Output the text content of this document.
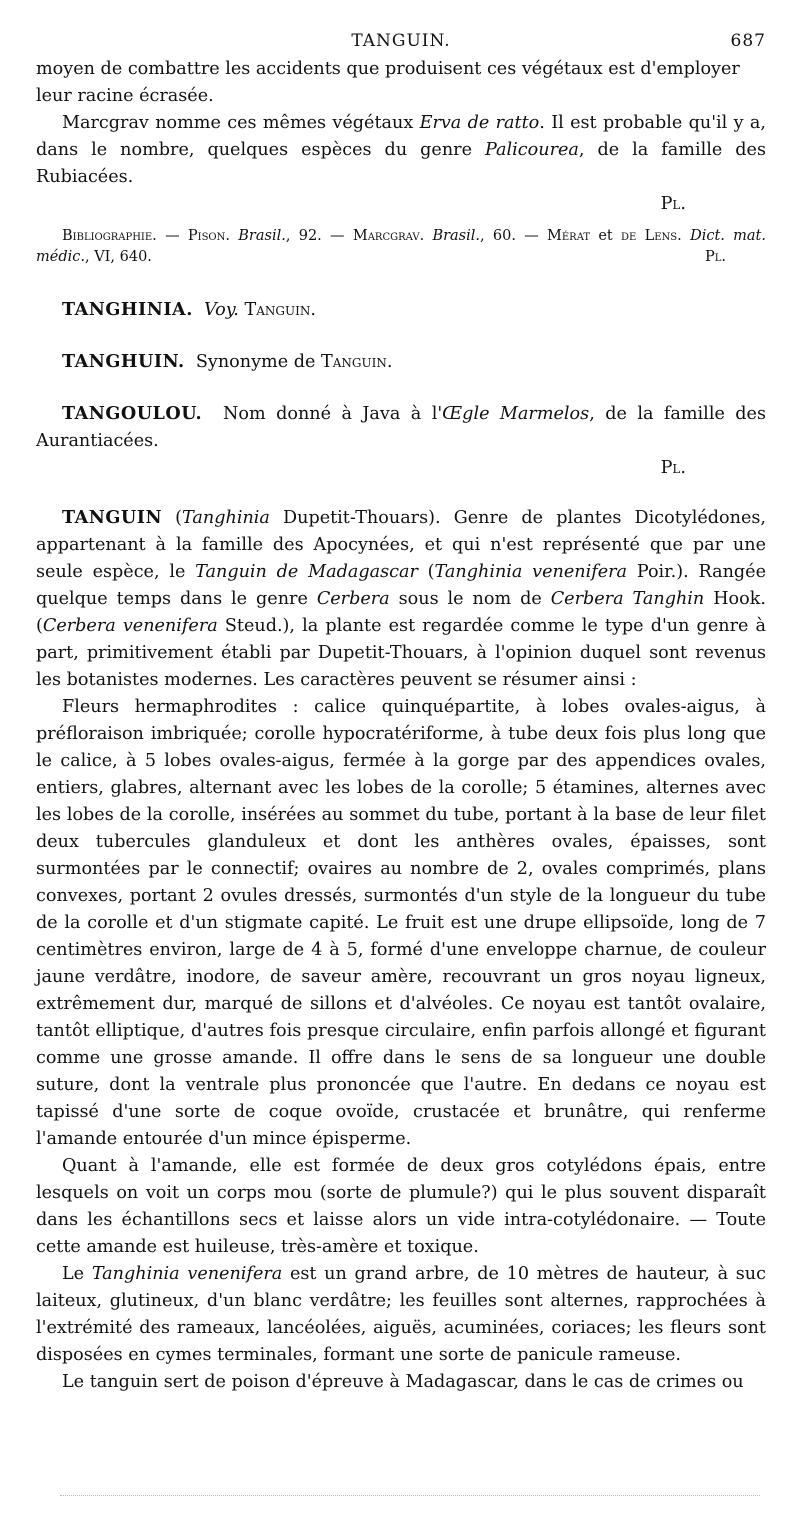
TANGUIN.	687

moyen de combattre les accidents que produisent ces végétaux est d'employer
leur racine écrasée.

Marcgrav nomme ces mêmes végétaux Erva de ratto. Il est probable qu'il y a, dans le nombre, quelques espèces du genre Palicourea, de la famille des Rubiacées.

Pl.

Bibliographie. — Pison. Brasil., 92. — Marcgrav. Brasil., 60. — Mérat et de Lens. Dict. mat. médic., VI, 640.	Pl.

TANGHINIA. Voy. Tanguin.

TANGHUIN. Synonyme de Tanguin.

TANGOULOU. Nom donné à Java à l'Œgle Marmelos, de la famille des Aurantiacées.

Pl.

TANGUIN (Tanghinia Dupetit-Thouars). Genre de plantes Dicotylédones, appartenant à la famille des Apocynées, et qui n'est représenté que par une seule espèce, le Tanguin de Madagascar (Tanghinia venenifera Poir.). Rangée quelque temps dans le genre Cerbera sous le nom de Cerbera Tanghin Hook. (Cerbera venenifera Steud.), la plante est regardée comme le type d'un genre à part, primitivement établi par Dupetit-Thouars, à l'opinion duquel sont revenus les botanistes modernes. Les caractères peuvent se résumer ainsi :

Fleurs hermaphrodites : calice quinquépartite, à lobes ovales-aigus, à préfloraison imbriquée; corolle hypocratériforme, à tube deux fois plus long que le calice, à 5 lobes ovales-aigus, fermée à la gorge par des appendices ovales, entiers, glabres, alternant avec les lobes de la corolle; 5 étamines, alternes avec les lobes de la corolle, insérées au sommet du tube, portant à la base de leur filet deux tubercules glanduleux et dont les anthères ovales, épaisses, sont surmontées par le connectif; ovaires au nombre de 2, ovales comprimés, plans convexes, portant 2 ovules dressés, surmontés d'un style de la longueur du tube de la corolle et d'un stigmate capité. Le fruit est une drupe ellipsoïde, long de 7 centimètres environ, large de 4 à 5, formé d'une enveloppe charnue, de couleur jaune verdâtre, inodore, de saveur amère, recouvrant un gros noyau ligneux, extrêmement dur, marqué de sillons et d'alvéoles. Ce noyau est tantôt ovalaire, tantôt elliptique, d'autres fois presque circulaire, enfin parfois allongé et figurant comme une grosse amande. Il offre dans le sens de sa longueur une double suture, dont la ventrale plus prononcée que l'autre. En dedans ce noyau est tapissé d'une sorte de coque ovoïde, crustacée et brunâtre, qui renferme l'amande entourée d'un mince épisperme.

Quant à l'amande, elle est formée de deux gros cotylédons épais, entre lesquels on voit un corps mou (sorte de plumule?) qui le plus souvent disparaît dans les échantillons secs et laisse alors un vide intra-cotylédonaire. — Toute cette amande est huileuse, très-amère et toxique.

Le Tanghinia venenifera est un grand arbre, de 10 mètres de hauteur, à suc laiteux, glutineux, d'un blanc verdâtre; les feuilles sont alternes, rapprochées à l'extrémité des rameaux, lancéolées, aiguës, acuminées, coriaces; les fleurs sont disposées en cymes terminales, formant une sorte de panicule rameuse.

Le tanguin sert de poison d'épreuve à Madagascar, dans le cas de crimes ou
